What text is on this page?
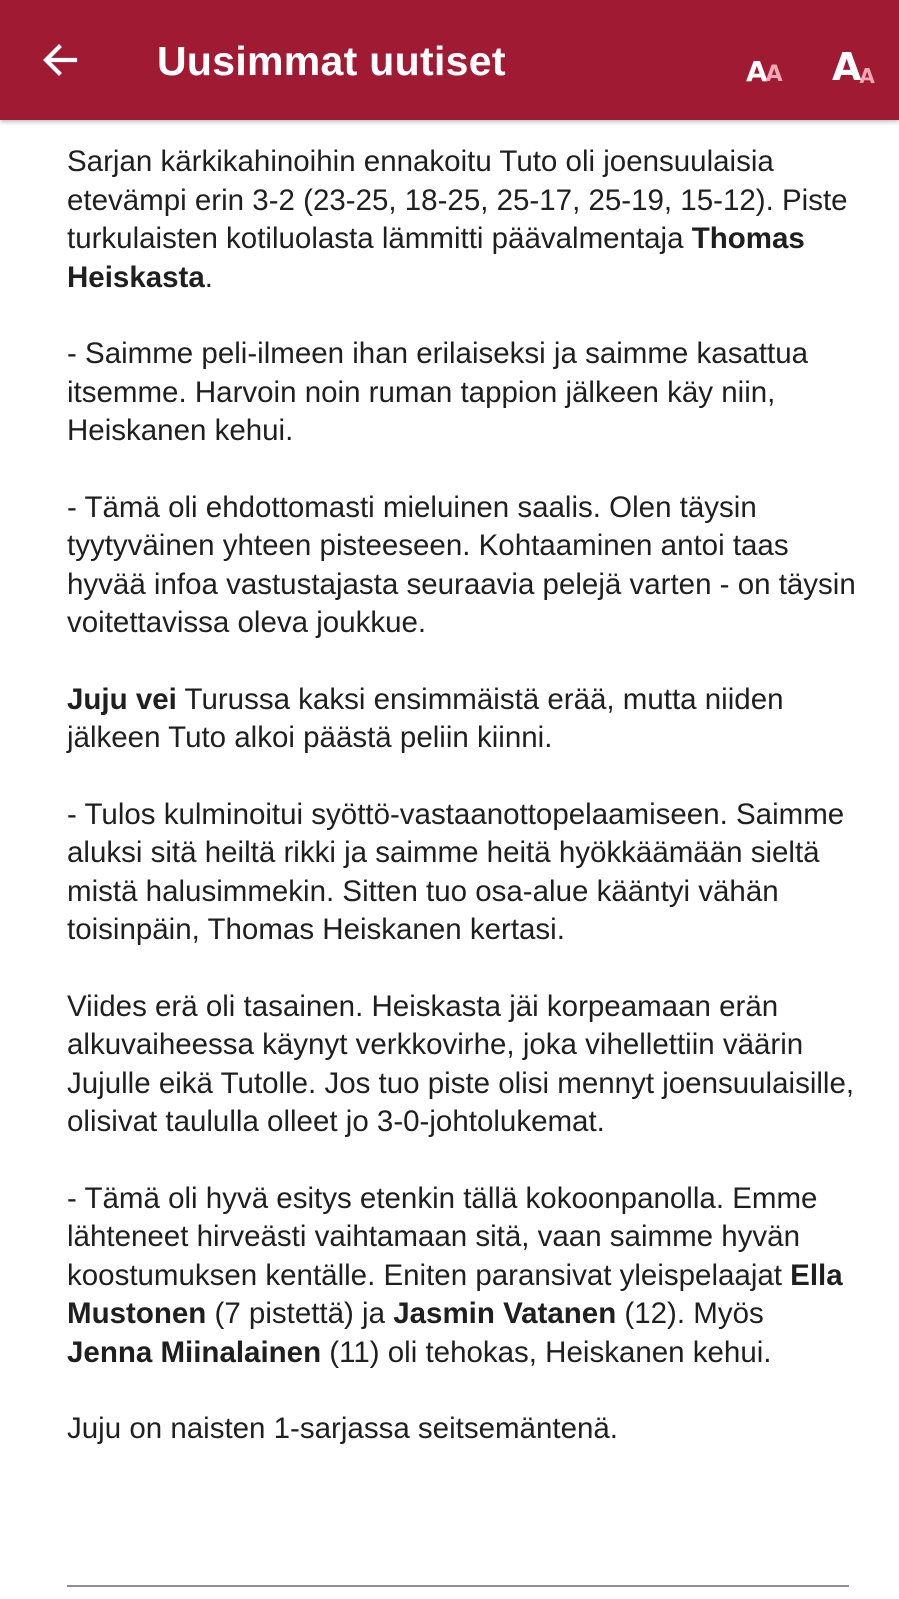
Uusimmat uutiset	A
A A
A

Sarjan kärkikahinoihin ennakoitu Tuto oli joensuulaisia etevämpi erin 3-2 (23-25, 18-25, 25-17, 25-19, 15-12). Piste turkulaisten kotiluolasta lämmitti päävalmentaja Thomas Heiskasta.

- Saimme peli-ilmeen ihan erilaiseksi ja saimme kasattua itsemme. Harvoin noin ruman tappion jälkeen käy niin, Heiskanen kehui.

- Tämä oli ehdottomasti mieluinen saalis. Olen täysin tyytyväinen yhteen pisteeseen. Kohtaaminen antoi taas hyvää infoa vastustajasta seuraavia pelejä varten - on täysin voitettavissa oleva joukkue.

Juju vei Turussa kaksi ensimmäistä erää, mutta niiden jälkeen Tuto alkoi päästä peliin kiinni.

- Tulos kulminoitui syöttö-vastaanottopelaamiseen. Saimme aluksi sitä heiltä rikki ja saimme heitä hyökkäämään sieltä mistä halusimmekin. Sitten tuo osa-alue kääntyi vähän toisinpäin, Thomas Heiskanen kertasi.

Viides erä oli tasainen. Heiskasta jäi korpeamaan erän alkuvaiheessa käynyt verkkovirhe, joka vihellettiin väärin Jujulle eikä Tutolle. Jos tuo piste olisi mennyt joensuulaisille, olisivat taululla olleet jo 3-0-johtolukemat.

- Tämä oli hyvä esitys etenkin tällä kokoonpanolla. Emme lähteneet hirveästi vaihtamaan sitä, vaan saimme hyvän koostumuksen kentälle. Eniten paransivat yleispelaajat Ella Mustonen (7 pistettä) ja Jasmin Vatanen (12). Myös Jenna Miinalainen (11) oli tehokas, Heiskanen kehui.

Juju on naisten 1-sarjassa seitsemäntenä.
